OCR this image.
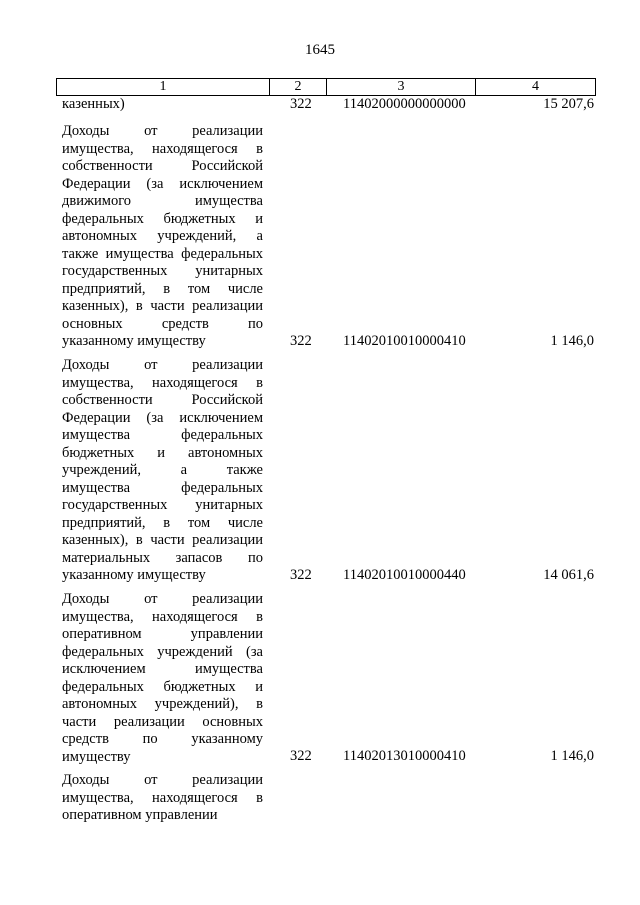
1645
1	2	3	4
казенных)	322	11402000000000000	15 207,6
Доходы от реализации
имущества, находящегося в
собственности Российской
Федерации (за исключением
движимого имущества
федеральных бюджетных и
автономных учреждений, а
также имущества федеральных
государственных унитарных
предприятий, в том числе
казенных), в части реализации
основных средств по
указанному имуществу	322	11402010010000410	1 146,0
Доходы от реализации
имущества, находящегося в
собственности Российской
Федерации (за исключением
имущества федеральных
бюджетных и автономных
учреждений, а также
имущества федеральных
государственных унитарных
предприятий, в том числе
казенных), в части реализации
материальных запасов по
указанному имуществу	322	11402010010000440	14 061,6
Доходы от реализации
имущества, находящегося в
оперативном управлении
федеральных учреждений (за
исключением имущества
федеральных бюджетных и
автономных учреждений), в
части реализации основных
средств по указанному
имуществу	322	11402013010000410	1 146,0
Доходы от реализации
имущества, находящегося в
оперативном управлении
